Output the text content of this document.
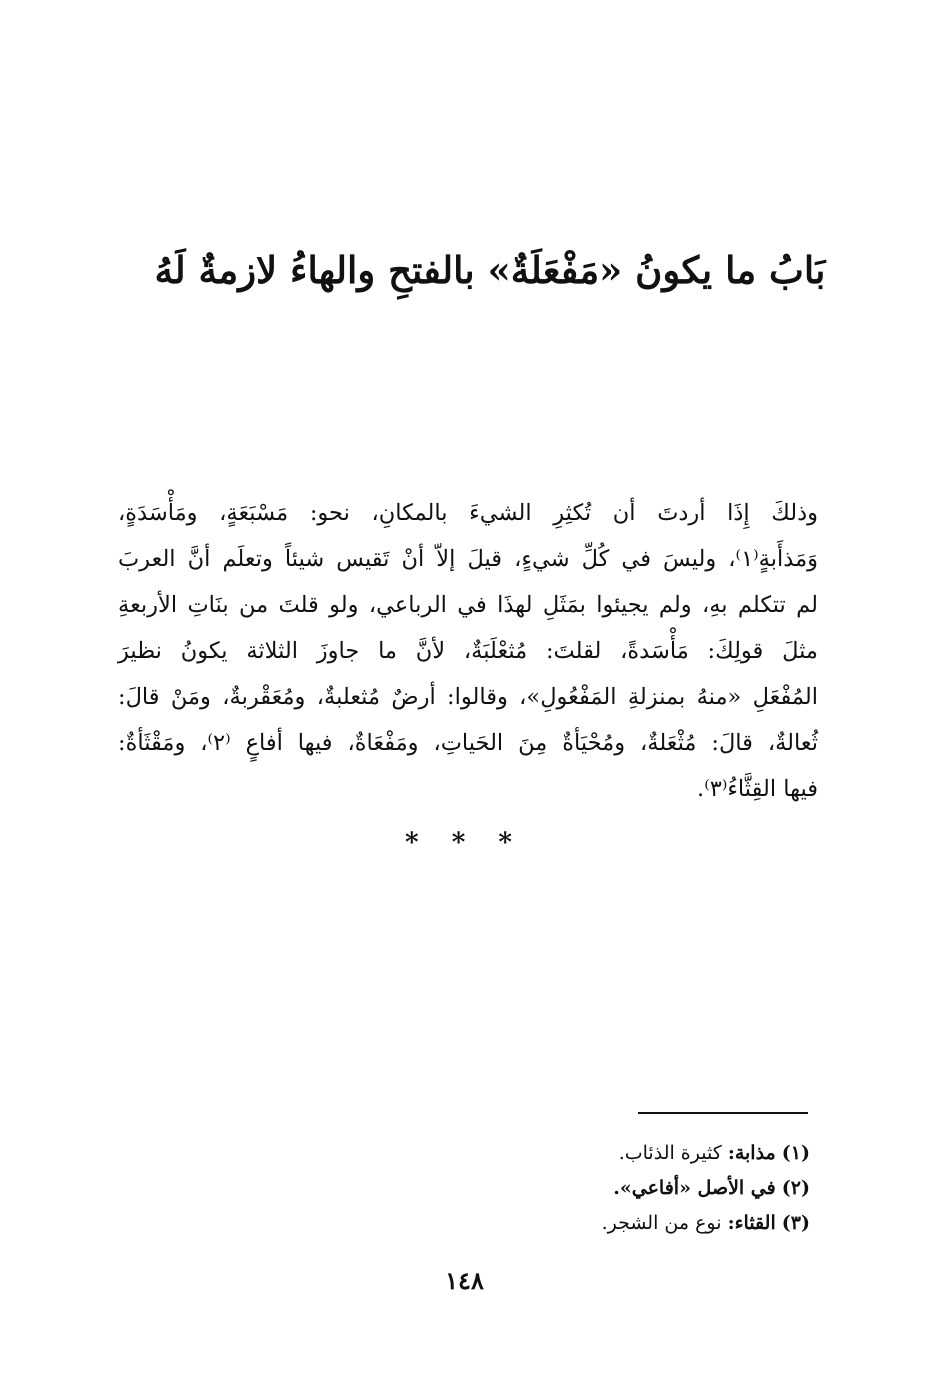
بَابُ ما يكونُ «مَفْعَلَةٌ» بالفتحِ والهاءُ لازمةٌ لَهُ
وذلكَ إِذَا أردتَ أن تُكثِرِ الشيءَ بالمكانِ، نحو: مَسْبَعَةٍ، ومَأْسَدَةٍ،
وَمَذأَبةٍ⁽١⁾، وليسَ في كُلِّ شيءٍ، قيلَ إلاّ أنْ تَقيس شيئاً وتعلَم أنَّ العربَ
لم تتكلم بهِ، ولم يجيئوا بمَثَلِ لهذَا في الرباعي، ولو قلتَ من بنَاتِ الأربعةِ
مثلَ قولِكَ: مَأْسَدةً، لقلتَ: مُثعْلَبَةٌ، لأنَّ ما جاوزَ الثلاثة يكونُ نظيرَ
المُفْعَلِ «منهُ بمنزلةِ المَفْعُولِ»، وقالوا: أرضٌ مُثعلبةٌ، ومُعَقْربةٌ، ومَنْ قالَ:
ثُعالةٌ، قالَ: مُثْعَلةٌ، ومُحْيَأةٌ مِنَ الحَياتِ، ومَفْعَاةٌ، فيها أفاعٍ ⁽٢⁾، ومَقْثَأةٌ:
فيها القِثَّاءُ⁽٣⁾.
* * *
(١) مذابة: كثيرة الذئاب.
(٢) في الأصل «أفاعي».
(٣) القثاء: نوع من الشجر.
١٤٨
